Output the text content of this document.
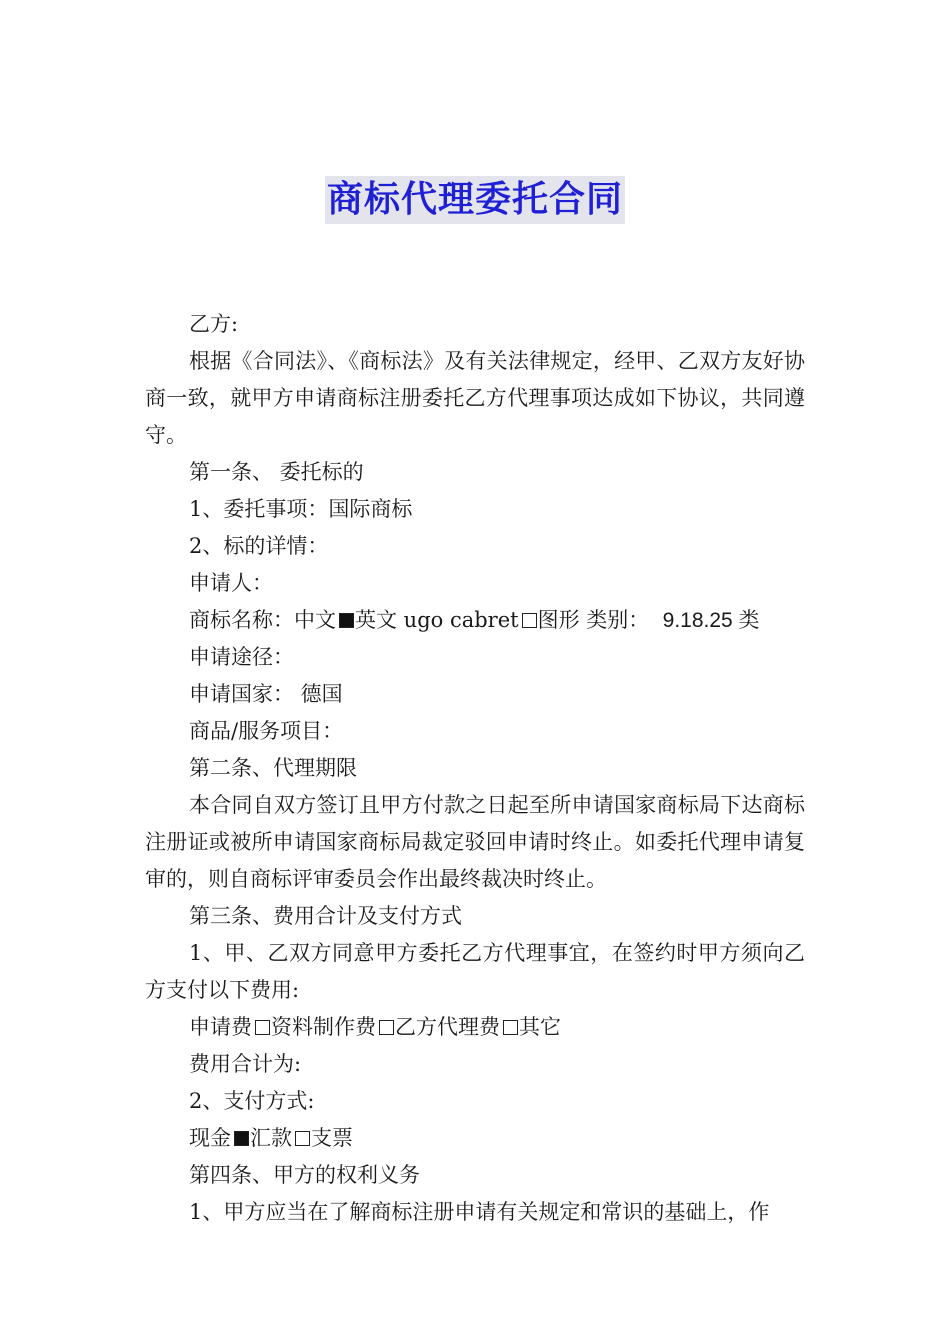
商标代理委托合同

乙方:

根据《合同法》、《商标法》及有关法律规定，经甲、乙双方友好协商一致，就甲方申请商标注册委托乙方代理事项达成如下协议，共同遵守。

第一条、 委托标的

1、委托事项：国际商标

2、标的详情：

申请人：

商标名称：中文 英文 ugo cabret 图形 类别： 9.18.25 类

申请途径：

申请国家： 德国

商品/服务项目：

第二条、代理期限

本合同自双方签订且甲方付款之日起至所申请国家商标局下达商标注册证或被所申请国家商标局裁定驳回申请时终止。如委托代理申请复审的，则自商标评审委员会作出最终裁决时终止。

第三条、费用合计及支付方式

1、甲、乙双方同意甲方委托乙方代理事宜，在签约时甲方须向乙方支付以下费用:

申请费 资料制作费 乙方代理费 其它

费用合计为:

2、支付方式:

现金 汇款 支票

第四条、甲方的权利义务

1、甲方应当在了解商标注册申请有关规定和常识的基础上，作
